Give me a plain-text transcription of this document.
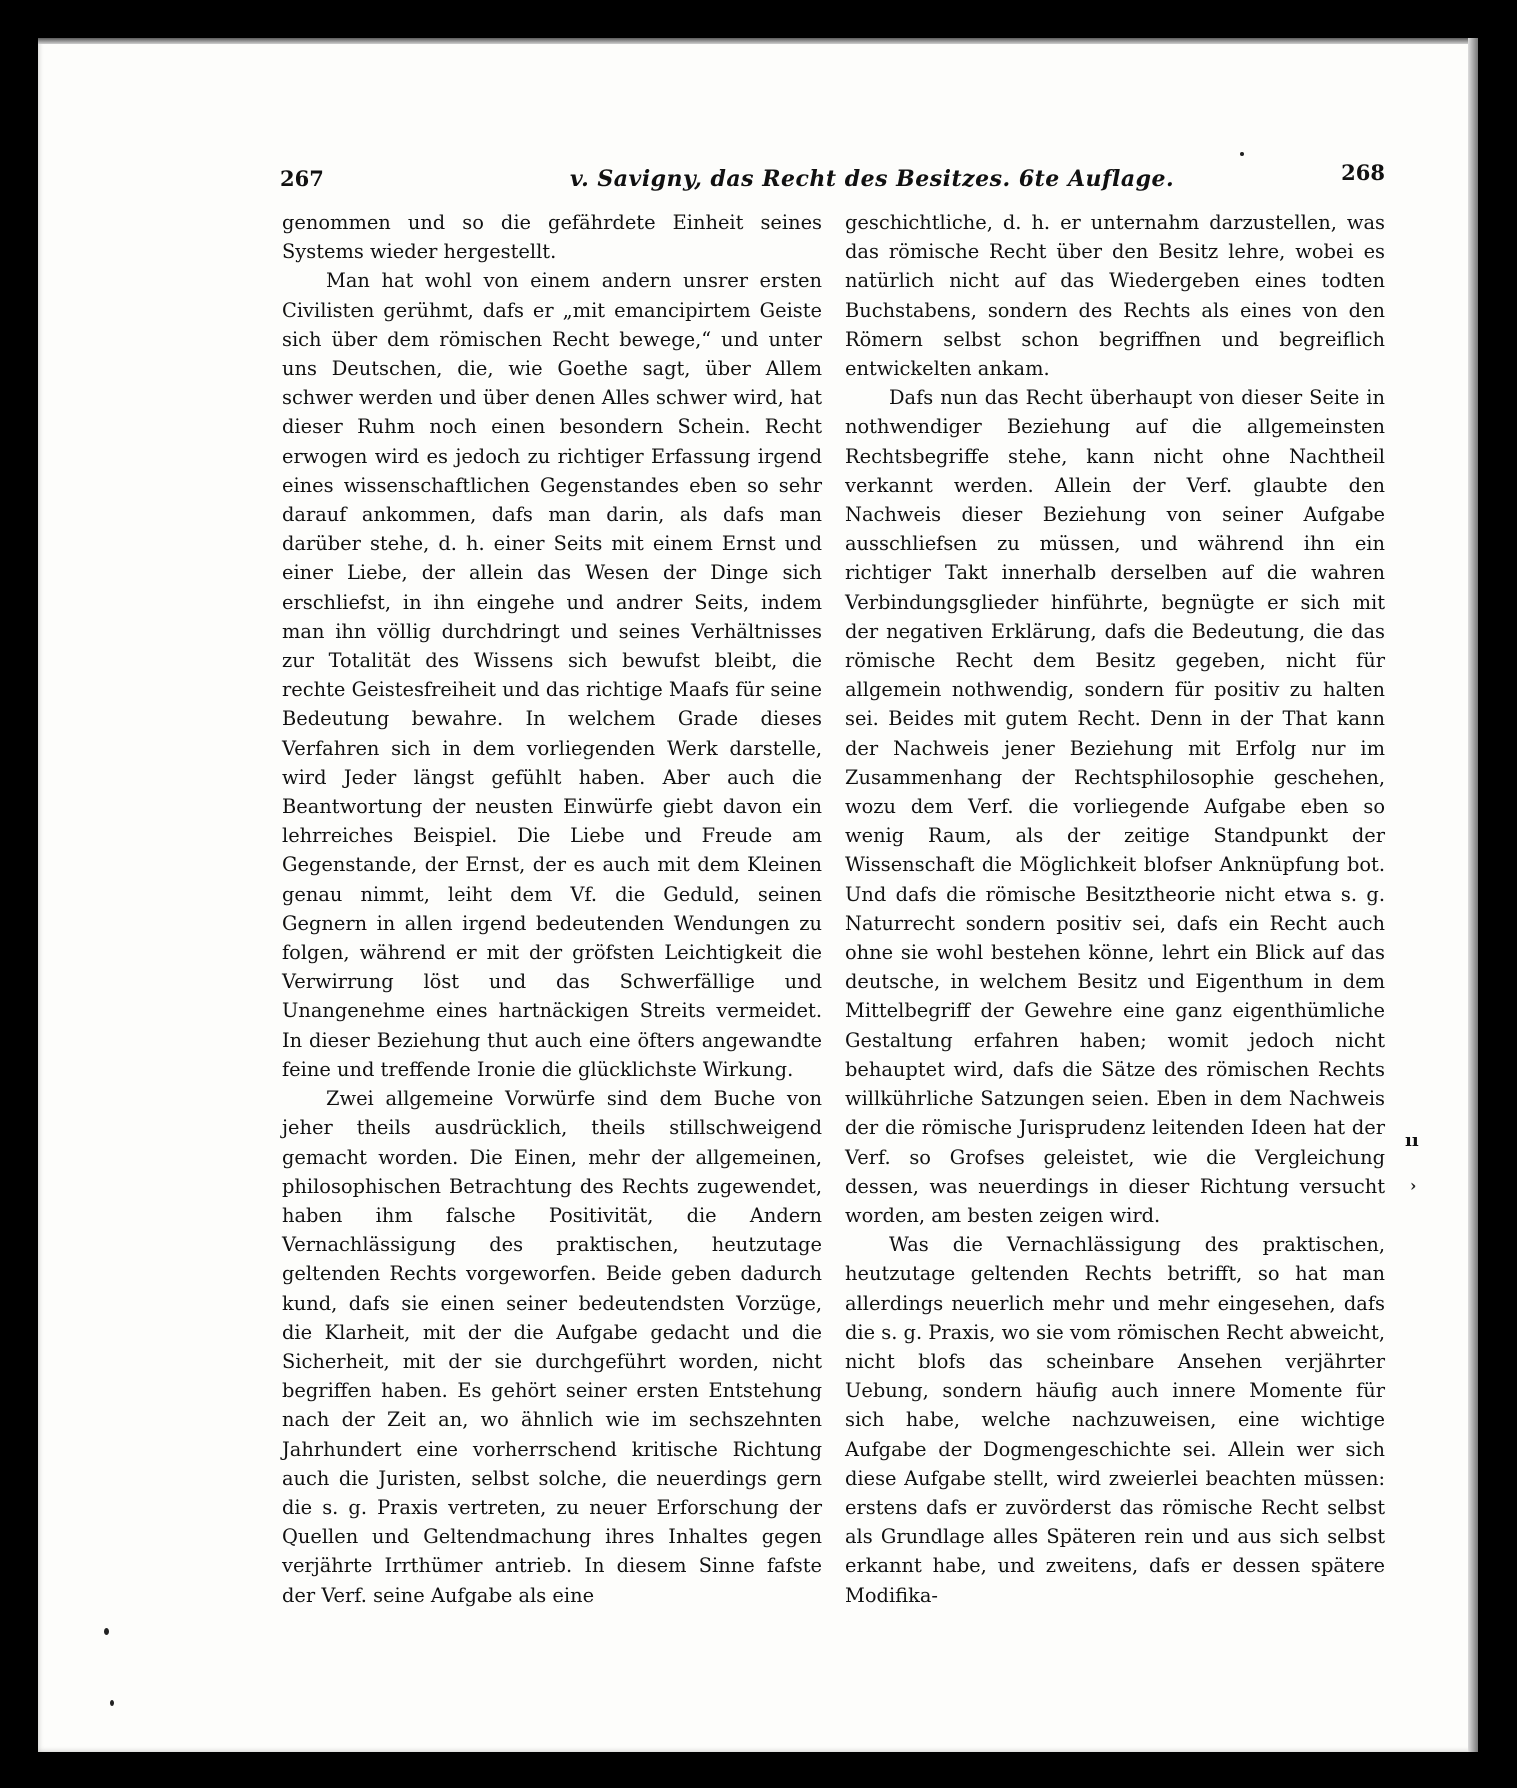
267	v. Savigny, das Recht des Besitzes. 6te Auflage.	268

genommen und so die gefährdete Einheit seines Systems wieder hergestellt.

Man hat wohl von einem andern unsrer ersten Civilisten gerühmt, dafs er „mit emancipirtem Geiste sich über dem römischen Recht bewege,“ und unter uns Deutschen, die, wie Goethe sagt, über Allem schwer werden und über denen Alles schwer wird, hat dieser Ruhm noch einen besondern Schein. Recht erwogen wird es jedoch zu richtiger Erfassung irgend eines wissenschaftlichen Gegenstandes eben so sehr darauf ankommen, dafs man darin, als dafs man darüber stehe, d. h. einer Seits mit einem Ernst und einer Liebe, der allein das Wesen der Dinge sich erschliefst, in ihn eingehe und andrer Seits, indem man ihn völlig durchdringt und seines Verhältnisses zur Totalität des Wissens sich bewufst bleibt, die rechte Geistesfreiheit und das richtige Maafs für seine Bedeutung bewahre. In welchem Grade dieses Verfahren sich in dem vorliegenden Werk darstelle, wird Jeder längst gefühlt haben. Aber auch die Beantwortung der neusten Einwürfe giebt davon ein lehrreiches Beispiel. Die Liebe und Freude am Gegenstande, der Ernst, der es auch mit dem Kleinen genau nimmt, leiht dem Vf. die Geduld, seinen Gegnern in allen irgend bedeutenden Wendungen zu folgen, während er mit der gröfsten Leichtigkeit die Verwirrung löst und das Schwerfällige und Unangenehme eines hartnäckigen Streits vermeidet. In dieser Beziehung thut auch eine öfters angewandte feine und treffende Ironie die glücklichste Wirkung.

Zwei allgemeine Vorwürfe sind dem Buche von jeher theils ausdrücklich, theils stillschweigend gemacht worden. Die Einen, mehr der allgemeinen, philosophischen Betrachtung des Rechts zugewendet, haben ihm falsche Positivität, die Andern Vernachlässigung des praktischen, heutzutage geltenden Rechts vorgeworfen. Beide geben dadurch kund, dafs sie einen seiner bedeutendsten Vorzüge, die Klarheit, mit der die Aufgabe gedacht und die Sicherheit, mit der sie durchgeführt worden, nicht begriffen haben. Es gehört seiner ersten Entstehung nach der Zeit an, wo ähnlich wie im sechszehnten Jahrhundert eine vorherrschend kritische Richtung auch die Juristen, selbst solche, die neuerdings gern die s. g. Praxis vertreten, zu neuer Erforschung der Quellen und Geltendmachung ihres Inhaltes gegen verjährte Irrthümer antrieb. In diesem Sinne fafste der Verf. seine Aufgabe als eine

geschichtliche, d. h. er unternahm darzustellen, was das römische Recht über den Besitz lehre, wobei es natürlich nicht auf das Wiedergeben eines todten Buchstabens, sondern des Rechts als eines von den Römern selbst schon begriffnen und begreiflich entwickelten ankam.

Dafs nun das Recht überhaupt von dieser Seite in nothwendiger Beziehung auf die allgemeinsten Rechtsbegriffe stehe, kann nicht ohne Nachtheil verkannt werden. Allein der Verf. glaubte den Nachweis dieser Beziehung von seiner Aufgabe ausschliefsen zu müssen, und während ihn ein richtiger Takt innerhalb derselben auf die wahren Verbindungsglieder hinführte, begnügte er sich mit der negativen Erklärung, dafs die Bedeutung, die das römische Recht dem Besitz gegeben, nicht für allgemein nothwendig, sondern für positiv zu halten sei. Beides mit gutem Recht. Denn in der That kann der Nachweis jener Beziehung mit Erfolg nur im Zusammenhang der Rechtsphilosophie geschehen, wozu dem Verf. die vorliegende Aufgabe eben so wenig Raum, als der zeitige Standpunkt der Wissenschaft die Möglichkeit blofser Anknüpfung bot. Und dafs die römische Besitztheorie nicht etwa s. g. Naturrecht sondern positiv sei, dafs ein Recht auch ohne sie wohl bestehen könne, lehrt ein Blick auf das deutsche, in welchem Besitz und Eigenthum in dem Mittelbegriff der Gewehre eine ganz eigenthümliche Gestaltung erfahren haben; womit jedoch nicht behauptet wird, dafs die Sätze des römischen Rechts willkührliche Satzungen seien. Eben in dem Nachweis der die römische Jurisprudenz leitenden Ideen hat der Verf. so Grofses geleistet, wie die Vergleichung dessen, was neuerdings in dieser Richtung versucht worden, am besten zeigen wird.

Was die Vernachlässigung des praktischen, heutzutage geltenden Rechts betrifft, so hat man allerdings neuerlich mehr und mehr eingesehen, dafs die s. g. Praxis, wo sie vom römischen Recht abweicht, nicht blofs das scheinbare Ansehen verjährter Uebung, sondern häufig auch innere Momente für sich habe, welche nachzuweisen, eine wichtige Aufgabe der Dogmengeschichte sei. Allein wer sich diese Aufgabe stellt, wird zweierlei beachten müssen: erstens dafs er zuvörderst das römische Recht selbst als Grundlage alles Späteren rein und aus sich selbst erkannt habe, und zweitens, dafs er dessen spätere Modifika-

ıı
›
